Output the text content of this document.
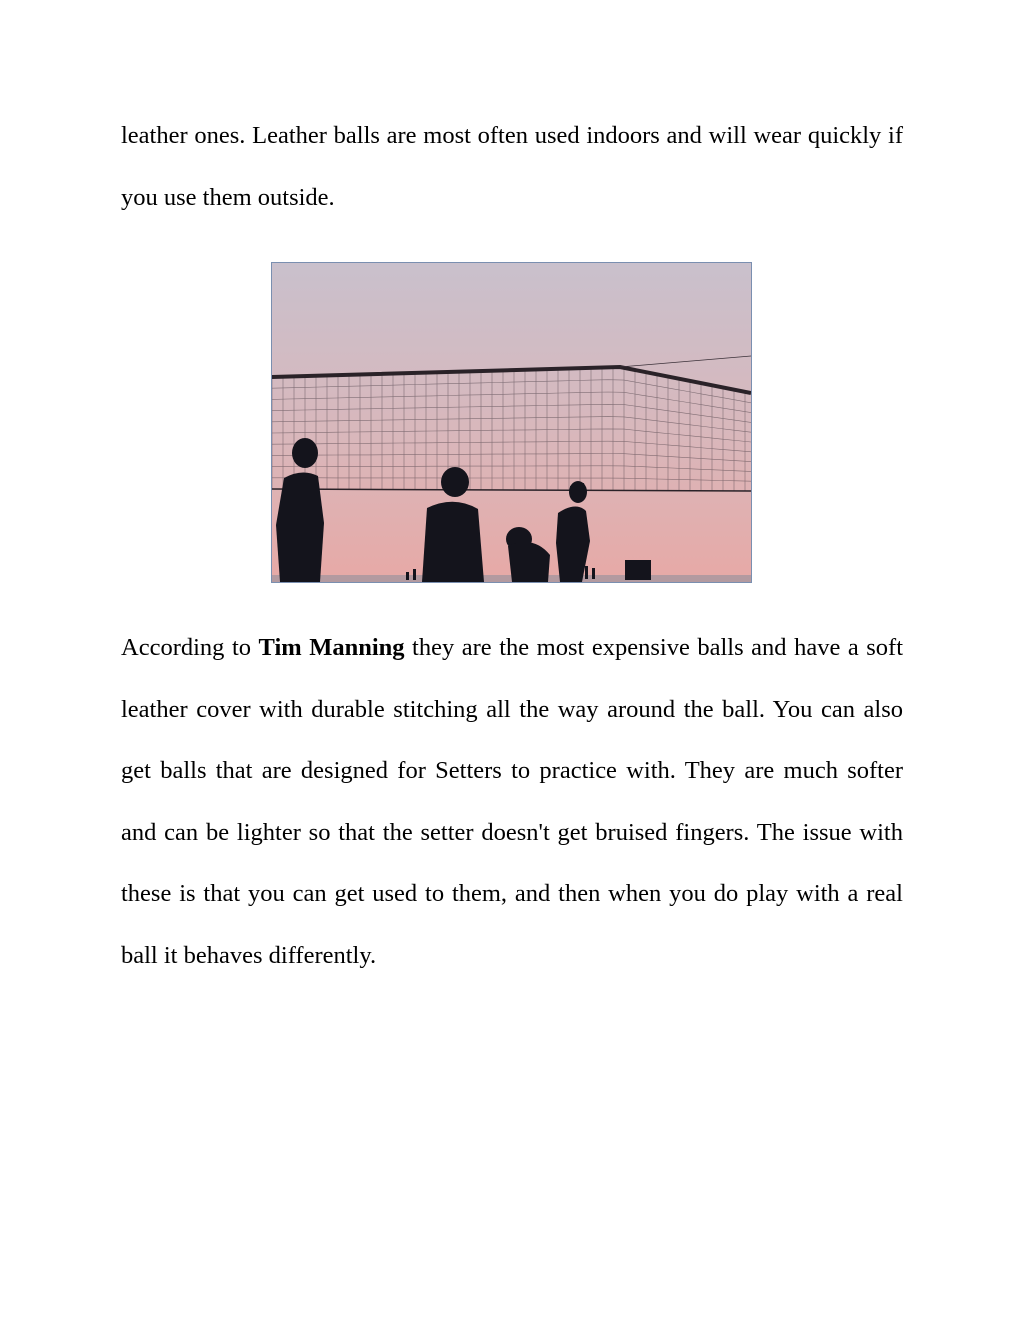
leather ones. Leather balls are most often used indoors and will wear quickly if you use them outside.

According to Tim Manning they are the most expensive balls and have a soft leather cover with durable stitching all the way around the ball. You can also get balls that are designed for Setters to practice with. They are much softer and can be lighter so that the setter doesn't get bruised fingers. The issue with these is that you can get used to them, and then when you do play with a real ball it behaves differently.
